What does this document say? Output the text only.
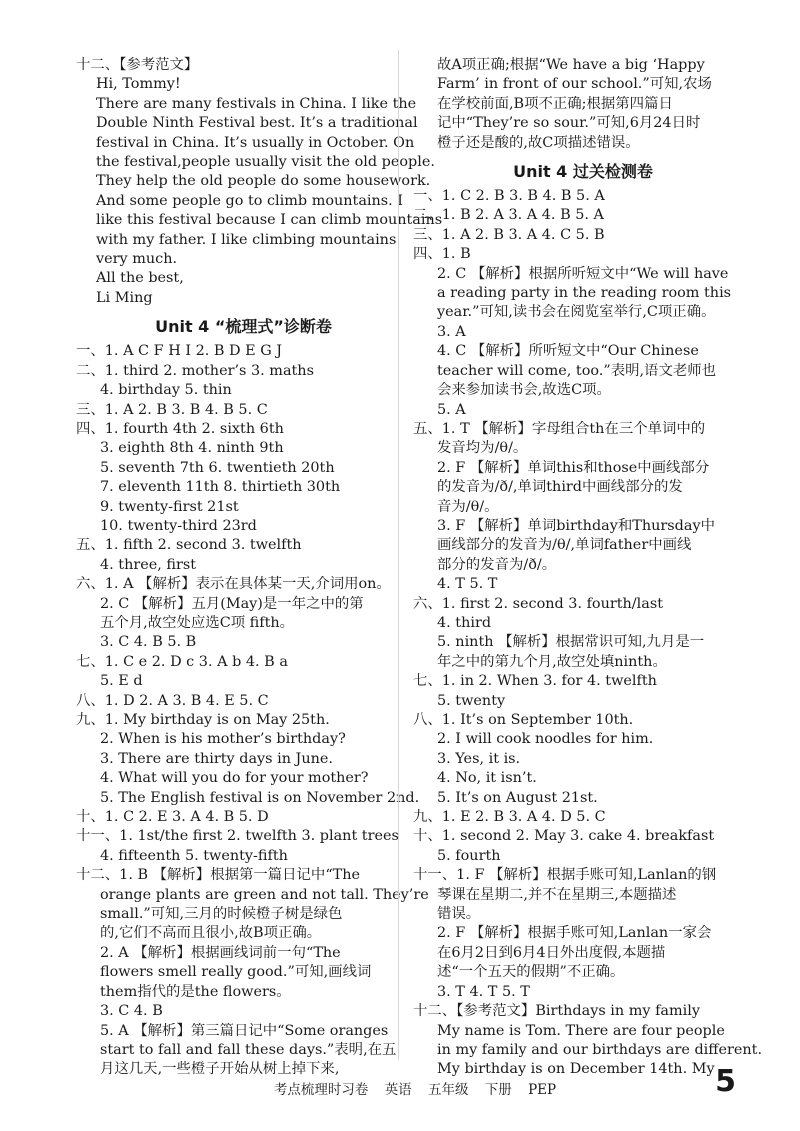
十二、【参考范文】
Hi, Tommy!
There are many festivals in China. I like the
Double Ninth Festival best. It’s a traditional
festival in China. It’s usually in October. On
the festival,people usually visit the old people.
They help the old people do some housework.
And some people go to climb mountains. I
like this festival because I can climb mountains
with my father. I like climbing mountains
very much.
All the best,
Li Ming
Unit 4 “梳理式”诊断卷
一、1. A C F H I 2. B D E G J
二、1. third 2. mother’s 3. maths
4. birthday 5. thin
三、1. A 2. B 3. B 4. B 5. C
四、1. fourth 4th 2. sixth 6th
3. eighth 8th 4. ninth 9th
5. seventh 7th 6. twentieth 20th
7. eleventh 11th 8. thirtieth 30th
9. twenty-first 21st
10. twenty-third 23rd
五、1. fifth 2. second 3. twelfth
4. three, first
六、1. A 【解析】表示在具体某一天,介词用on。
2. C 【解析】五月(May)是一年之中的第
五个月,故空处应选C项 fifth。
3. C 4. B 5. B
七、1. C e 2. D c 3. A b 4. B a
5. E d
八、1. D 2. A 3. B 4. E 5. C
九、1. My birthday is on May 25th.
2. When is his mother’s birthday?
3. There are thirty days in June.
4. What will you do for your mother?
5. The English festival is on November 2nd.
十、1. C 2. E 3. A 4. B 5. D
十一、1. 1st/the first 2. twelfth 3. plant trees
4. fifteenth 5. twenty-fifth
十二、1. B 【解析】根据第一篇日记中“The
orange plants are green and not tall. They’re
small.”可知,三月的时候橙子树是绿色
的,它们不高而且很小,故B项正确。
2. A 【解析】根据画线词前一句“The
flowers smell really good.”可知,画线词
them指代的是the flowers。
3. C 4. B
5. A 【解析】第三篇日记中“Some oranges
start to fall and fall these days.”表明,在五
月这几天,一些橙子开始从树上掉下来,
故A项正确;根据“We have a big ‘Happy
Farm’ in front of our school.”可知,农场
在学校前面,B项不正确;根据第四篇日
记中“They’re so sour.”可知,6月24日时
橙子还是酸的,故C项描述错误。
Unit 4 过关检测卷
一、1. C 2. B 3. B 4. B 5. A
二、1. B 2. A 3. A 4. B 5. A
三、1. A 2. B 3. A 4. C 5. B
四、1. B
2. C 【解析】根据所听短文中“We will have
a reading party in the reading room this
year.”可知,读书会在阅览室举行,C项正确。
3. A
4. C 【解析】所听短文中“Our Chinese
teacher will come, too.”表明,语文老师也
会来参加读书会,故选C项。
5. A
五、1. T 【解析】字母组合th在三个单词中的
发音均为/θ/。
2. F 【解析】单词this和those中画线部分
的发音为/ð/,单词third中画线部分的发
音为/θ/。
3. F 【解析】单词birthday和Thursday中
画线部分的发音为/θ/,单词father中画线
部分的发音为/ð/。
4. T 5. T
六、1. first 2. second 3. fourth/last
4. third
5. ninth 【解析】根据常识可知,九月是一
年之中的第九个月,故空处填ninth。
七、1. in 2. When 3. for 4. twelfth
5. twenty
八、1. It’s on September 10th.
2. I will cook noodles for him.
3. Yes, it is.
4. No, it isn’t.
5. It’s on August 21st.
九、1. E 2. B 3. A 4. D 5. C
十、1. second 2. May 3. cake 4. breakfast
5. fourth
十一、1. F 【解析】根据手账可知,Lanlan的钢
琴课在星期二,并不在星期三,本题描述
错误。
2. F 【解析】根据手账可知,Lanlan一家会
在6月2日到6月4日外出度假,本题描
述“一个五天的假期”不正确。
3. T 4. T 5. T
十二、【参考范文】Birthdays in my family
My name is Tom. There are four people
in my family and our birthdays are different.
My birthday is on December 14th. My
考点梳理时习卷 英语 五年级 下册 PEP	5
